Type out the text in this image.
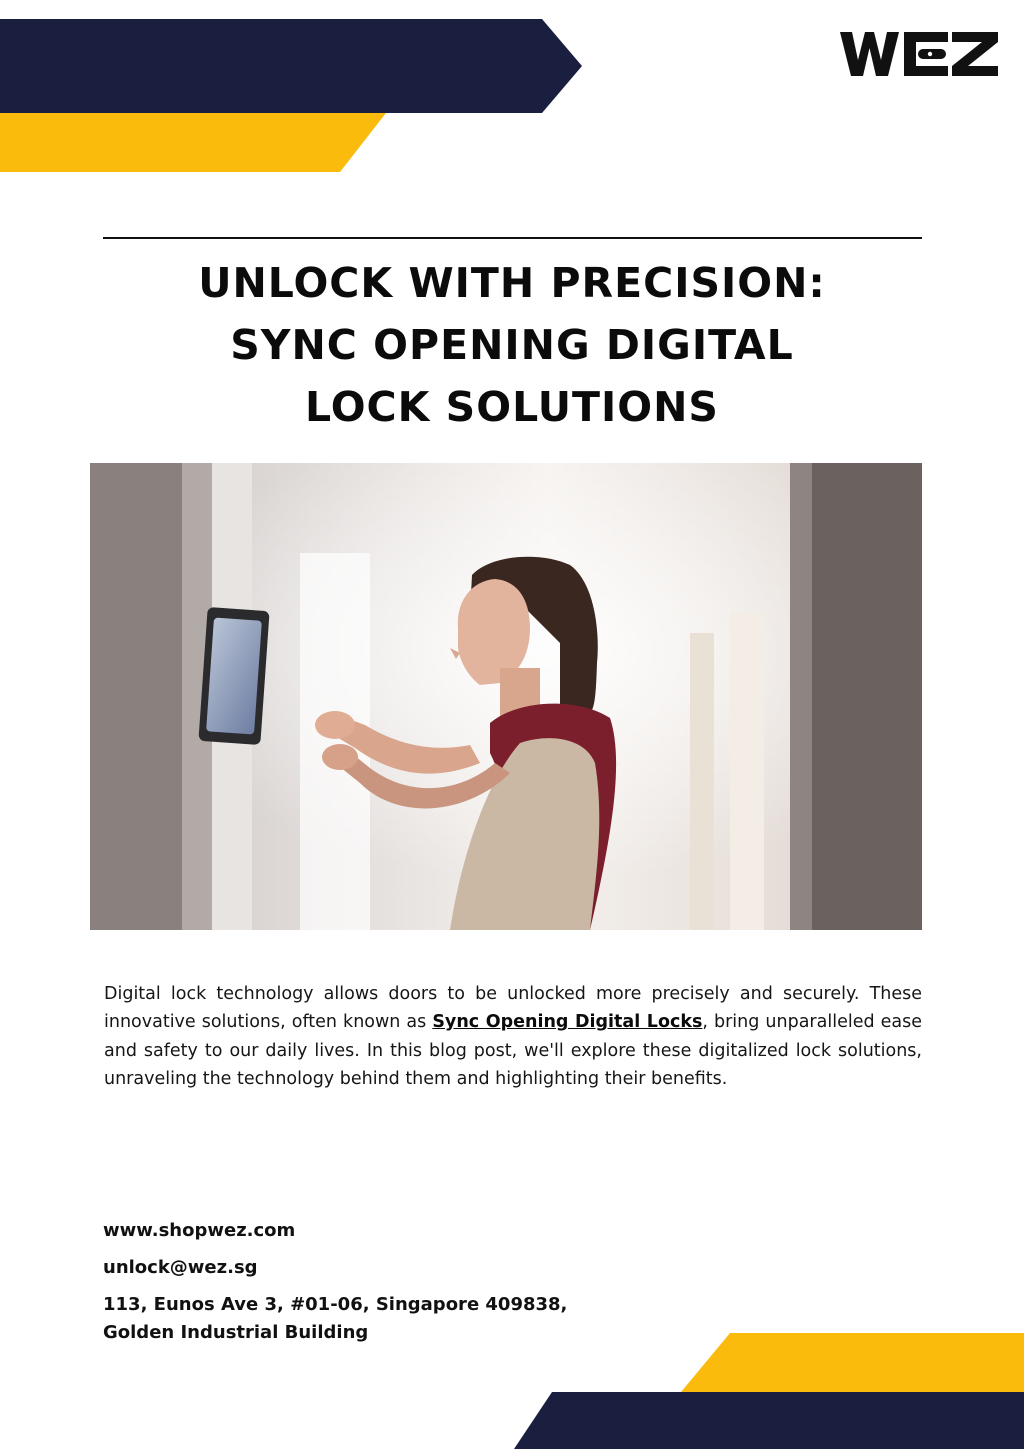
UNLOCK WITH PRECISION:
SYNC OPENING DIGITAL
LOCK SOLUTIONS

Digital lock technology allows doors to be unlocked more precisely and securely. These innovative solutions, often known as Sync Opening Digital Locks, bring unparalleled ease and safety to our daily lives. In this blog post, we'll explore these digitalized lock solutions, unraveling the technology behind them and highlighting their benefits.

www.shopwez.com
unlock@wez.sg
113, Eunos Ave 3, #01-06, Singapore 409838,
Golden Industrial Building
